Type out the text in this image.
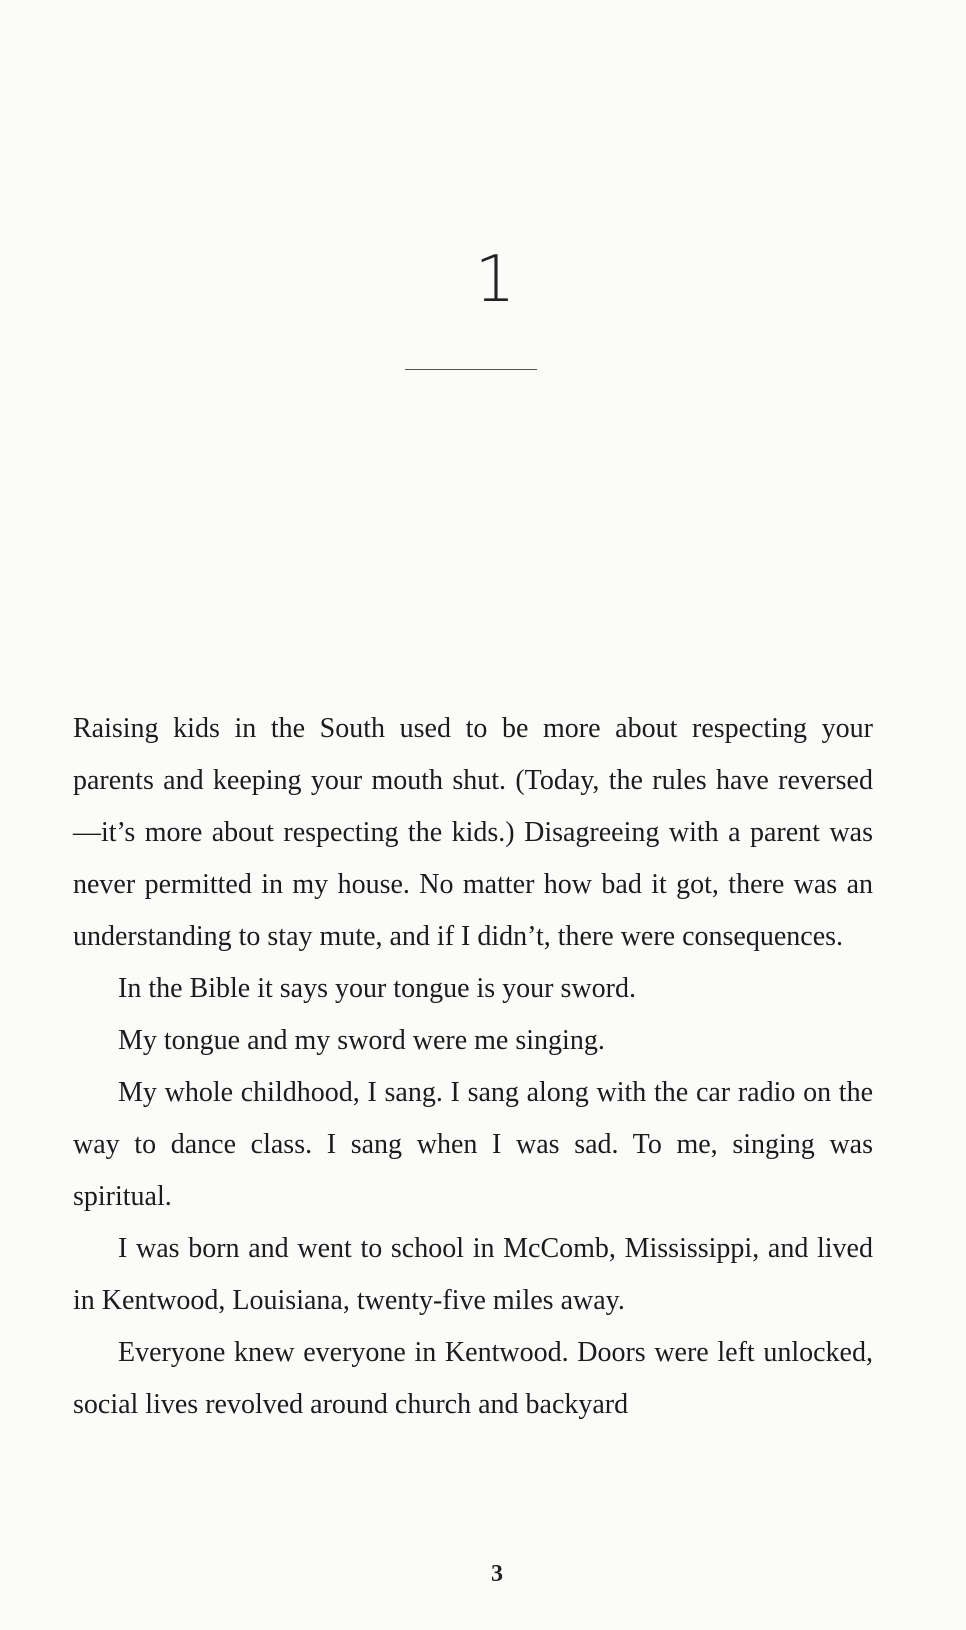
1

Raising kids in the South used to be more about respecting your parents and keeping your mouth shut. (Today, the rules have reversed—it’s more about respecting the kids.) Disagreeing with a parent was never permitted in my house. No matter how bad it got, there was an understanding to stay mute, and if I didn’t, there were consequences.

In the Bible it says your tongue is your sword.

My tongue and my sword were me singing.

My whole childhood, I sang. I sang along with the car radio on the way to dance class. I sang when I was sad. To me, singing was spiritual.

I was born and went to school in McComb, Mississippi, and lived in Kentwood, Louisiana, twenty-five miles away.

Everyone knew everyone in Kentwood. Doors were left unlocked, social lives revolved around church and backyard

3
